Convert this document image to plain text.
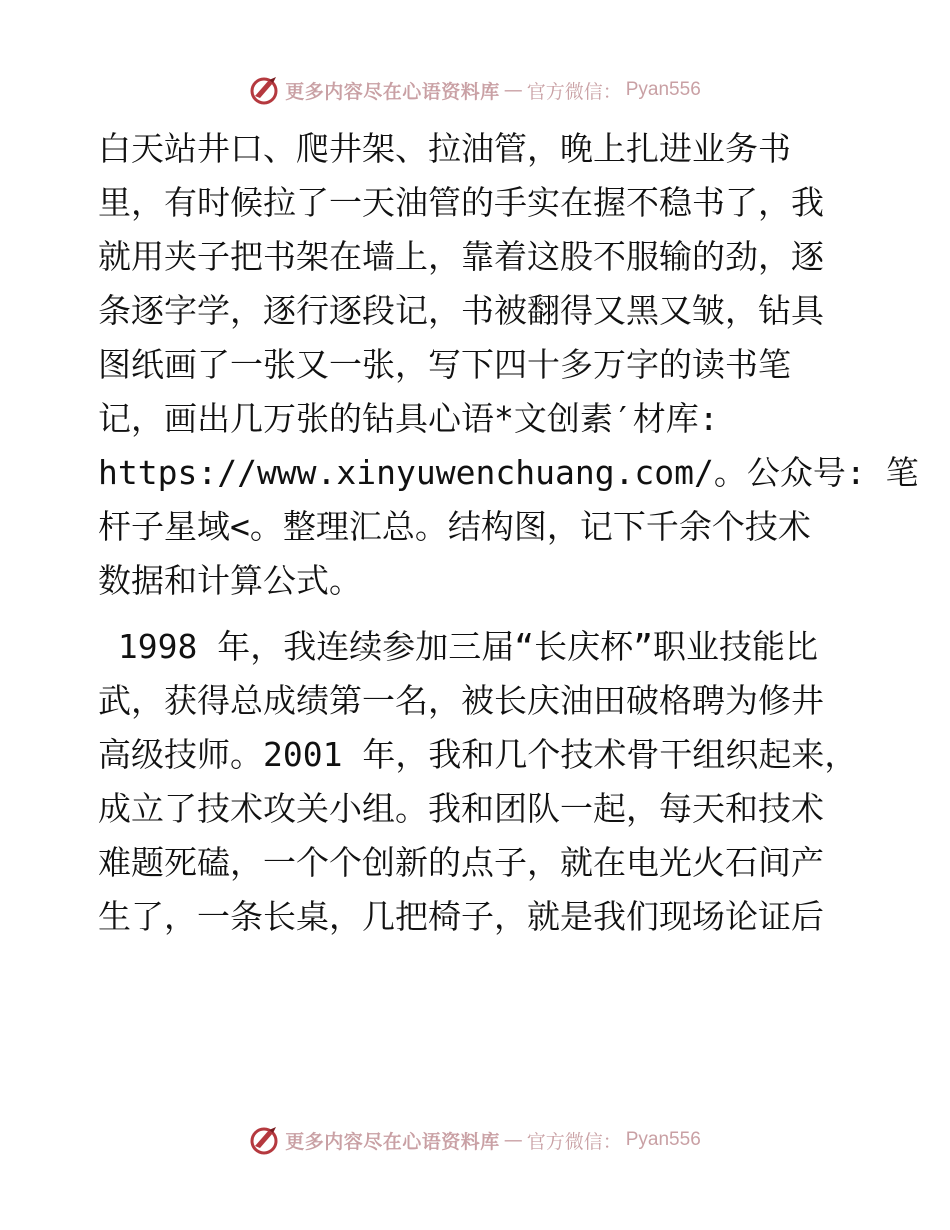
更多内容尽在心语资料库 — 官方微信： Pyan556

白天站井口、爬井架、拉油管，晚上扎进业务书
里，有时候拉了一天油管的手实在握不稳书了，我
就用夹子把书架在墙上，靠着这股不服输的劲，逐
条逐字学，逐行逐段记，书被翻得又黑又皱，钻具
图纸画了一张又一张，写下四十多万字的读书笔
记，画出几万张的钻具心语*文创素′材库:
https://www.xinyuwenchuang.com/。公众号: 笔
杆子星域<。整理汇总。结构图，记下千余个技术
数据和计算公式。

1998 年，我连续参加三届“长庆杯”职业技能比
武，获得总成绩第一名，被长庆油田破格聘为修井
高级技师。2001 年，我和几个技术骨干组织起来，
成立了技术攻关小组。我和团队一起，每天和技术
难题死磕，一个个创新的点子，就在电光火石间产
生了，一条长桌，几把椅子，就是我们现场论证后

更多内容尽在心语资料库 — 官方微信： Pyan556
